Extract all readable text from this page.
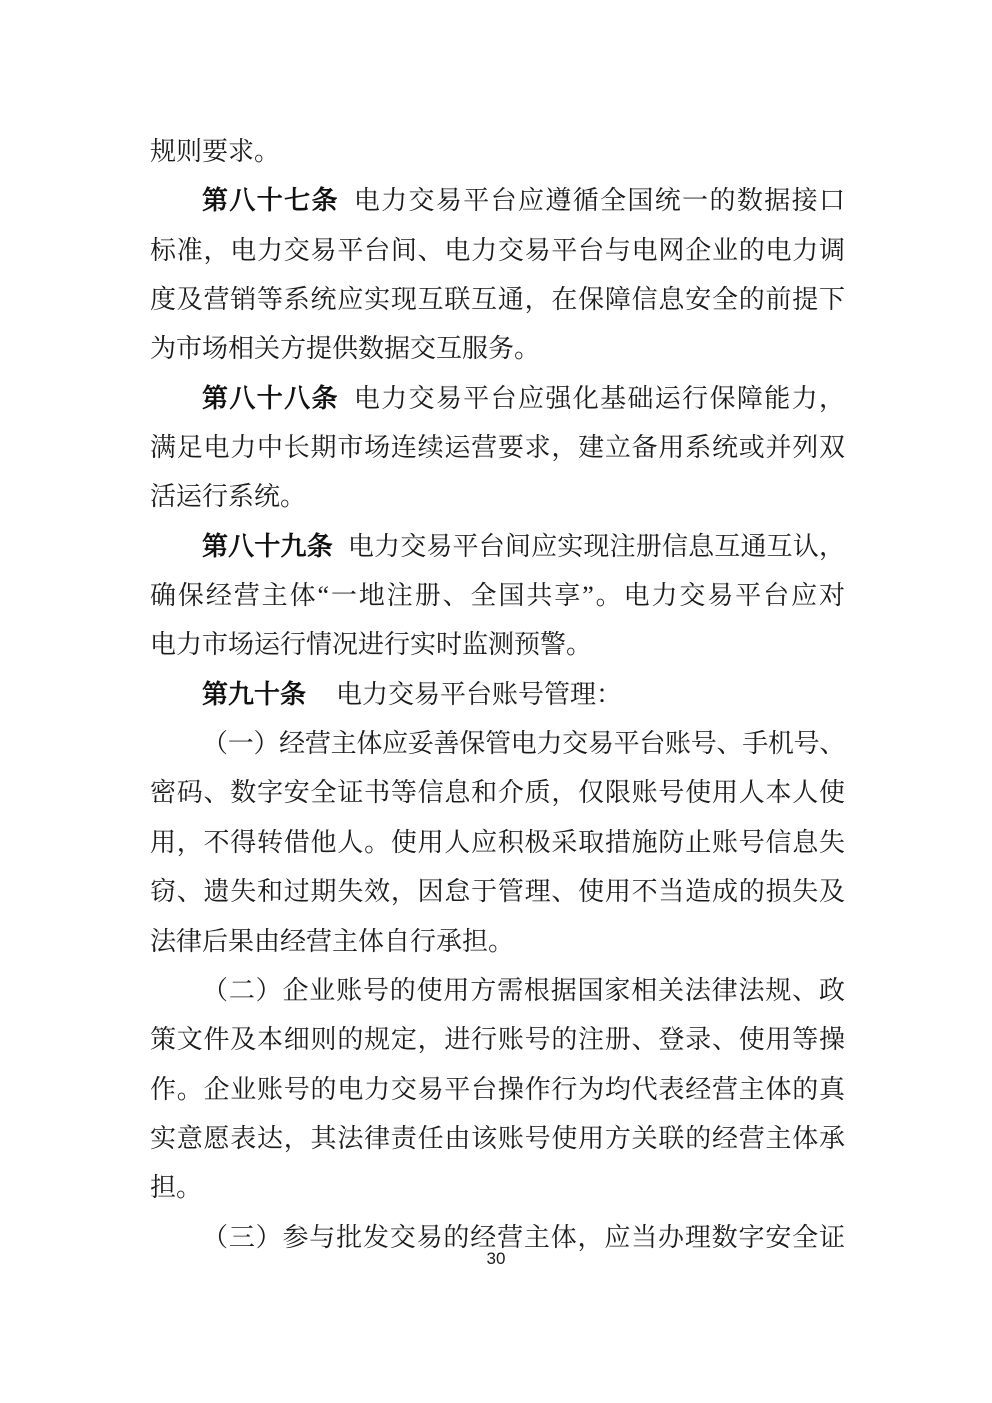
规则要求。
第八十七条 电力交易平台应遵循全国统一的数据接口
标准，电力交易平台间、电力交易平台与电网企业的电力调
度及营销等系统应实现互联互通，在保障信息安全的前提下
为市场相关方提供数据交互服务。
第八十八条 电力交易平台应强化基础运行保障能力，
满足电力中长期市场连续运营要求，建立备用系统或并列双
活运行系统。
第八十九条 电力交易平台间应实现注册信息互通互认，
确保经营主体“一地注册、全国共享”。电力交易平台应对
电力市场运行情况进行实时监测预警。
第九十条 电力交易平台账号管理：
（一）经营主体应妥善保管电力交易平台账号、手机号、
密码、数字安全证书等信息和介质，仅限账号使用人本人使
用，不得转借他人。使用人应积极采取措施防止账号信息失
窃、遗失和过期失效，因怠于管理、使用不当造成的损失及
法律后果由经营主体自行承担。
（二）企业账号的使用方需根据国家相关法律法规、政
策文件及本细则的规定，进行账号的注册、登录、使用等操
作。企业账号的电力交易平台操作行为均代表经营主体的真
实意愿表达，其法律责任由该账号使用方关联的经营主体承
担。
（三）参与批发交易的经营主体，应当办理数字安全证
30
